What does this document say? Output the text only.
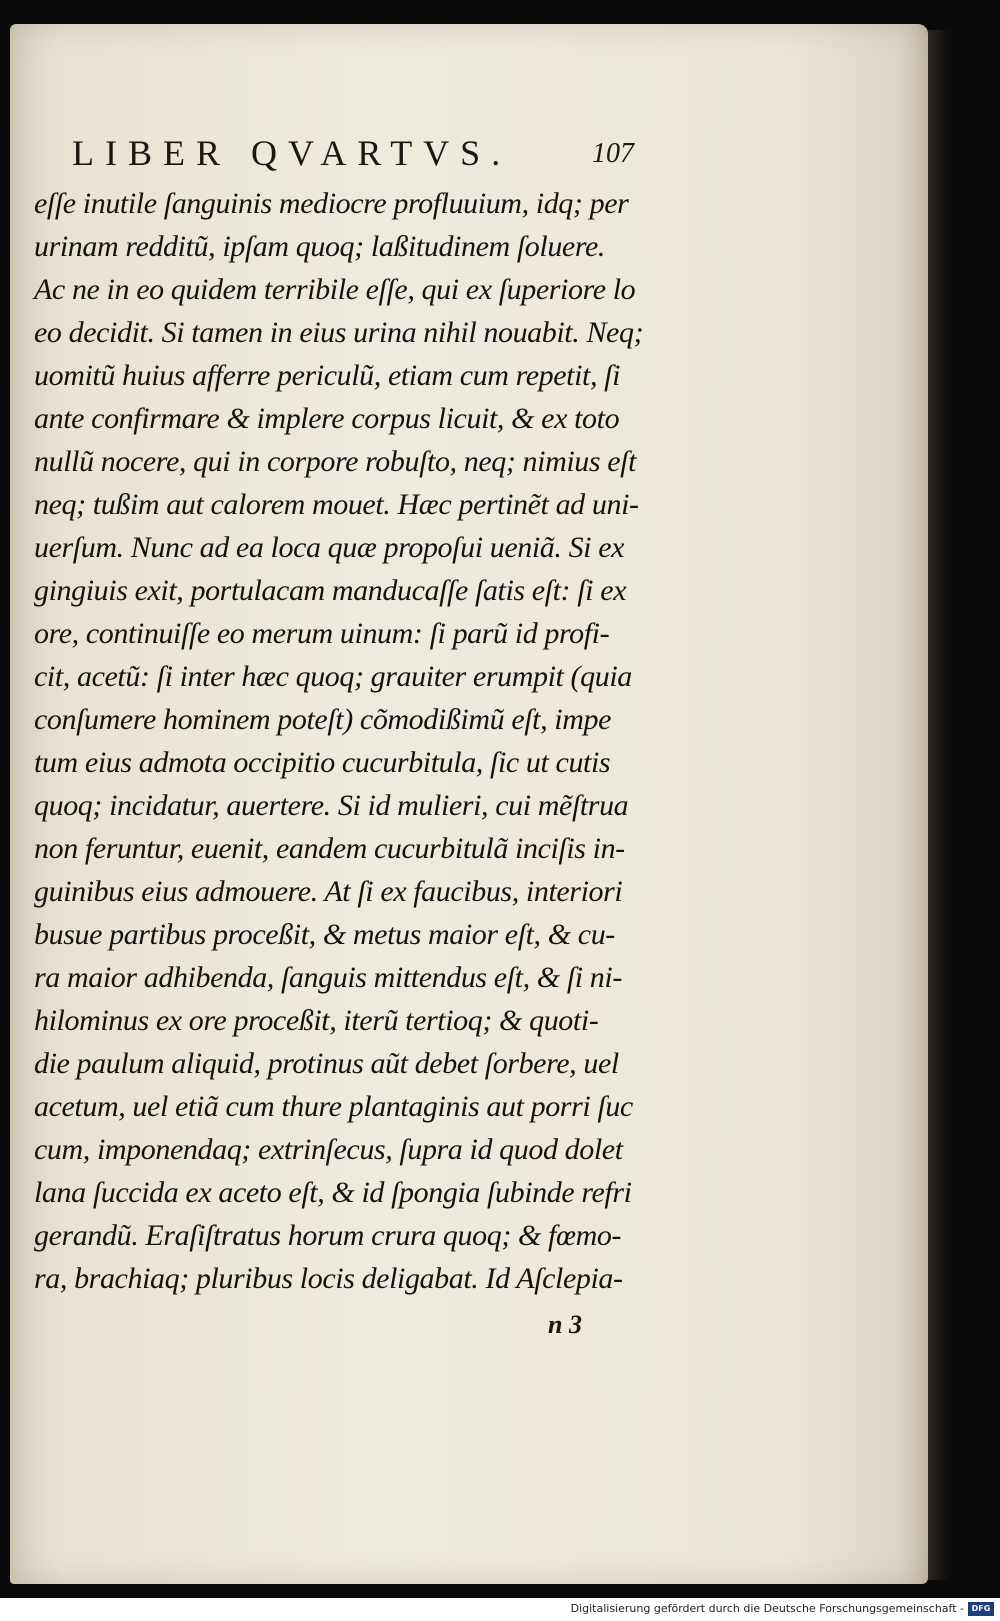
LIBER QVARTVS.	107
eſſe inutile ſanguinis mediocre profluuium, idq; per
urinam redditũ, ipſam quoq; laßitudinem ſoluere.
Ac ne in eo quidem terribile eſſe, qui ex ſuperiore lo
eo decidit. Si tamen in eius urina nihil nouabit. Neq;
uomitũ huius afferre periculũ, etiam cum repetit, ſi
ante confirmare & implere corpus licuit, & ex toto
nullũ nocere, qui in corpore robuſto, neq; nimius eſt
neq; tußim aut calorem mouet. Hæc pertinẽt ad uni-
uerſum. Nunc ad ea loca quæ propoſui ueniã. Si ex
gingiuis exit, portulacam manducaſſe ſatis eſt: ſi ex
ore, continuiſſe eo merum uinum: ſi parũ id profi-
cit, acetũ: ſi inter hæc quoq; grauiter erumpit (quia
conſumere hominem poteſt) cõmodißimũ eſt, impe
tum eius admota occipitio cucurbitula, ſic ut cutis
quoq; incidatur, auertere. Si id mulieri, cui mẽſtrua
non feruntur, euenit, eandem cucurbitulã inciſis in-
guinibus eius admouere. At ſi ex faucibus, interiori
busue partibus proceßit, & metus maior eſt, & cu-
ra maior adhibenda, ſanguis mittendus eſt, & ſi ni-
hilominus ex ore proceßit, iterũ tertioq; & quoti-
die paulum aliquid, protinus aũt debet ſorbere, uel
acetum, uel etiã cum thure plantaginis aut porri ſuc
cum, imponendaq; extrinſecus, ſupra id quod dolet
lana ſuccida ex aceto eſt, & id ſpongia ſubinde refri
gerandũ. Eraſiſtratus horum crura quoq; & fœmo-
ra, brachiaq; pluribus locis deligabat. Id Aſclepia-
n 3
Digitalisierung gefördert durch die Deutsche Forschungsgemeinschaft - DFG
